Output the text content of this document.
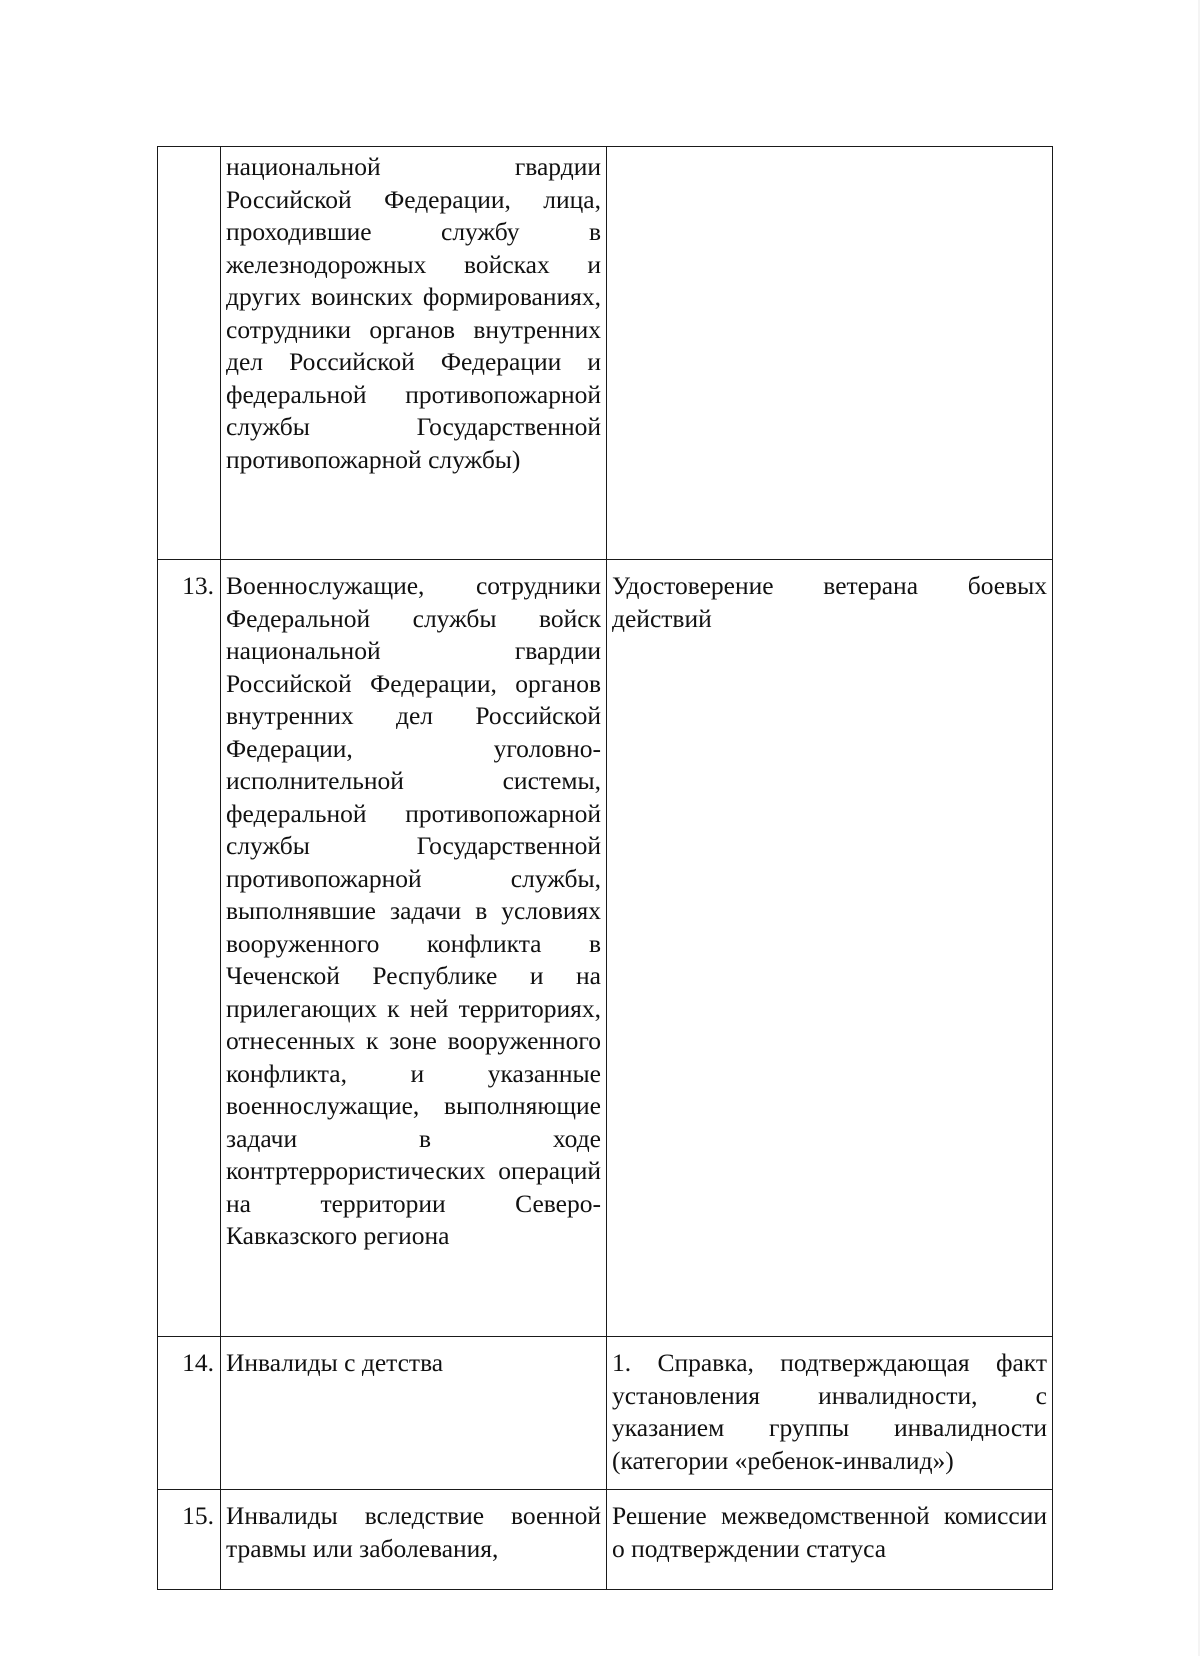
	национальной гвардии Российской Федерации, лица, проходившие службу в железнодорожных войсках и других воинских формированиях, сотрудники органов внутренних дел Российской Федерации и федеральной противопожарной службы Государственной противопожарной службы)	
13.	Военнослужащие, сотрудники Федеральной службы войск национальной гвардии Российской Федерации, органов внутренних дел Российской Федерации, уголовно-исполнительной системы, федеральной противопожарной службы Государственной противопожарной службы, выполнявшие задачи в условиях вооруженного конфликта в Чеченской Республике и на прилегающих к ней территориях, отнесенных к зоне вооруженного конфликта, и указанные военнослужащие, выполняющие задачи в ходе контртеррористических операций на территории Северо-Кавказского региона	Удостоверение ветерана боевых действий
14.	Инвалиды с детства	1. Справка, подтверждающая факт установления инвалидности, с указанием группы инвалидности (категории «ребенок-инвалид»)
15.	Инвалиды вследствие военной травмы или заболевания,	Решение межведомственной комиссии о подтверждении статуса
